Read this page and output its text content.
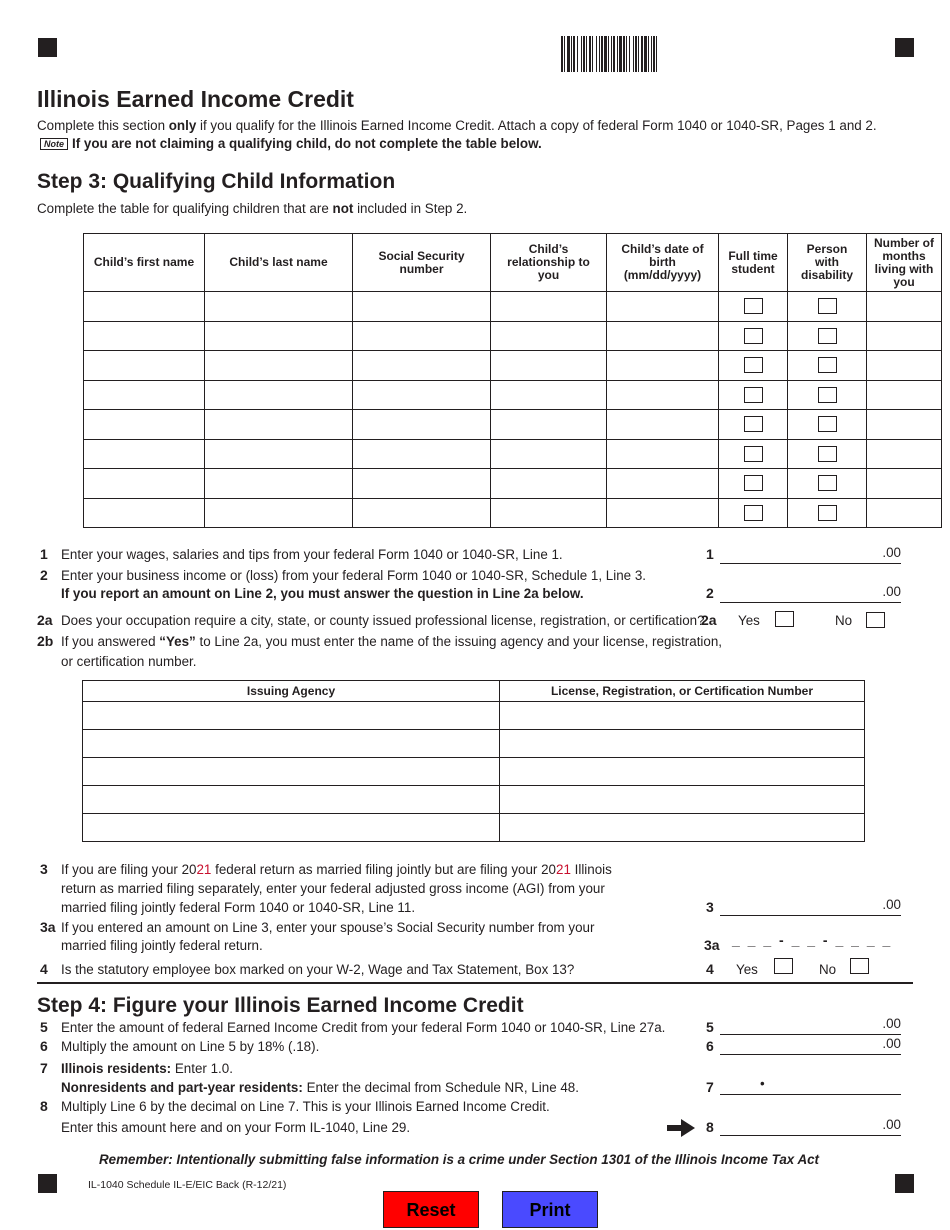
Illinois Earned Income Credit
Complete this section only if you qualify for the Illinois Earned Income Credit. Attach a copy of federal Form 1040 or 1040-SR, Pages 1 and 2.
Note If you are not claiming a qualifying child, do not complete the table below.
Step 3: Qualifying Child Information
Complete the table for qualifying children that are not included in Step 2.
Child’s first name	Child’s last name	Social Security number	Child’s relationship to you	Child’s date of birth (mm/dd/yyyy)	Full time student	Person with disability	Number of months living with you

1 Enter your wages, salaries and tips from your federal Form 1040 or 1040-SR, Line 1.	1	.00
2 Enter your business income or (loss) from your federal Form 1040 or 1040-SR, Schedule 1, Line 3.
If you report an amount on Line 2, you must answer the question in Line 2a below.	2	.00
2a Does your occupation require a city, state, or county issued professional license, registration, or certification?
2a Yes	No
2b If you answered “Yes” to Line 2a, you must enter the name of the issuing agency and your license, registration,
or certification number.
Issuing Agency	License, Registration, or Certification Number

3 If you are filing your 2021 federal return as married filing jointly but are filing your 2021 Illinois
return as married filing separately, enter your federal adjusted gross income (AGI) from your
married filing jointly federal Form 1040 or 1040-SR, Line 11.	3	.00
3a If you entered an amount on Line 3, enter your spouse’s Social Security number from your
married filing jointly federal return.	3a _ _ _ - _ _ - _ _ _ _
4 Is the statutory employee box marked on your W-2, Wage and Tax Statement, Box 13?	4 Yes	No
Step 4: Figure your Illinois Earned Income Credit
5 Enter the amount of federal Earned Income Credit from your federal Form 1040 or 1040-SR, Line 27a.	5	.00
6 Multiply the amount on Line 5 by 18% (.18).	6	.00
7 Illinois residents: Enter 1.0.
Nonresidents and part-year residents: Enter the decimal from Schedule NR, Line 48.	7	•
8 Multiply Line 6 by the decimal on Line 7. This is your Illinois Earned Income Credit.
Enter this amount here and on your Form IL-1040, Line 29.	8	.00
Remember: Intentionally submitting false information is a crime under Section 1301 of the Illinois Income Tax Act
IL-1040 Schedule IL-E/EIC Back (R-12/21)
Reset	Print
